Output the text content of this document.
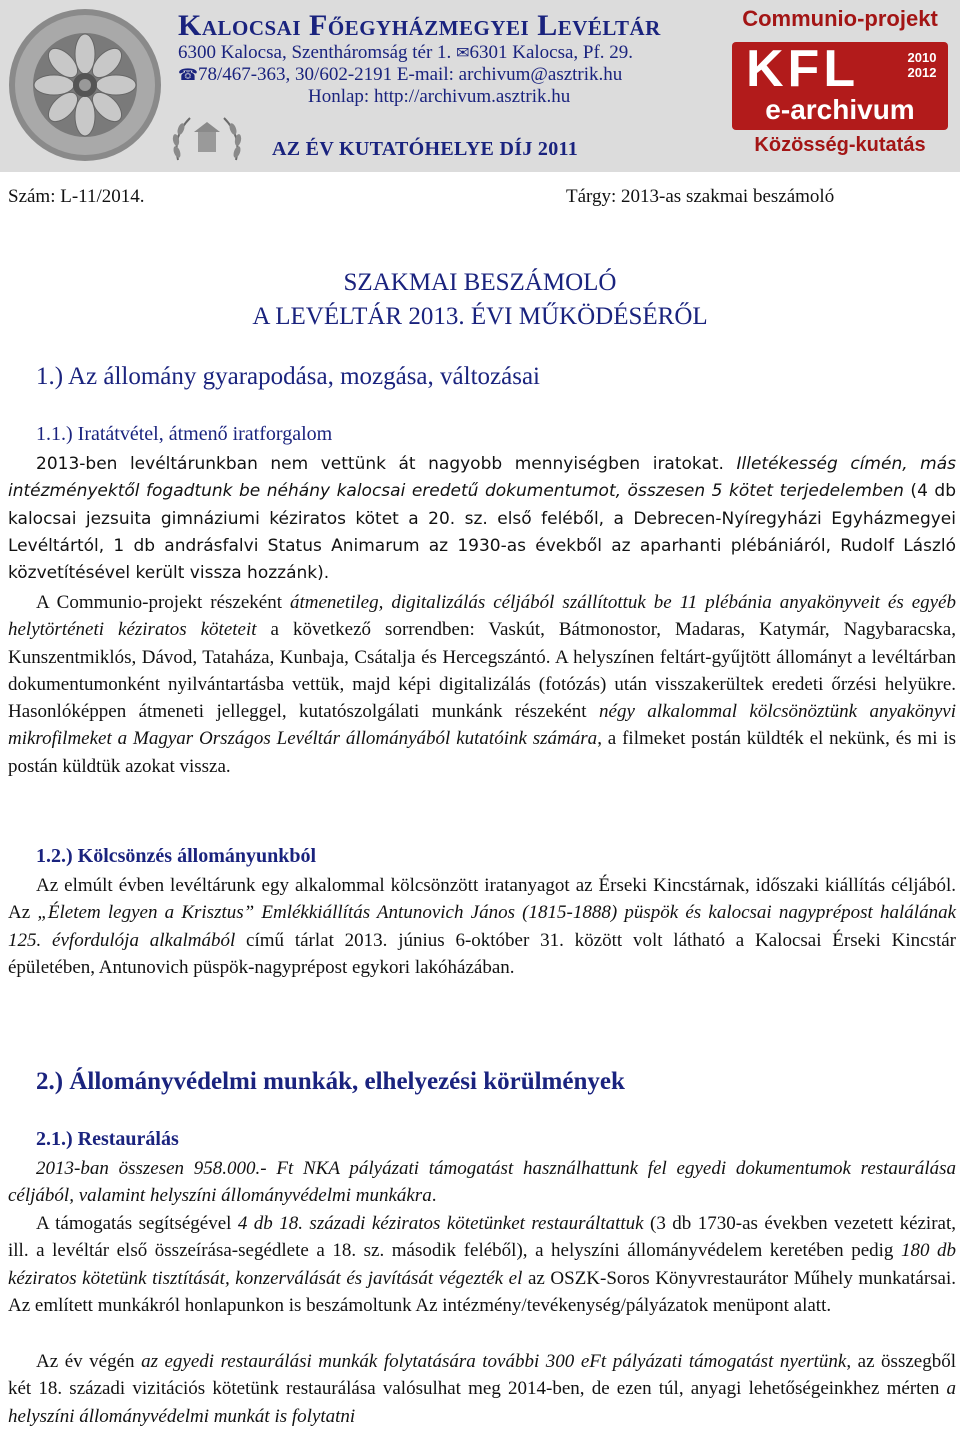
Kalocsai Főegyházmegyei Levéltár
6300 Kalocsa, Szentháromság tér 1. ✉6301 Kalocsa, Pf. 29.
☎78/467-363, 30/602-2191 E-mail: archivum@asztrik.hu
Honlap: http://archivum.asztrik.hu
AZ ÉV KUTATÓHELYE DÍJ 2011
Communio-projekt
KFL	2010
2012
e-archivum
Közösség-kutatás
Szám: L-11/2014.	Tárgy: 2013-as szakmai beszámoló
SZAKMAI BESZÁMOLÓ
A LEVÉLTÁR 2013. ÉVI MŰKÖDÉSÉRŐL
1.) Az állomány gyarapodása, mozgása, változásai
1.1.) Iratátvétel, átmenő iratforgalom
2013-ben levéltárunkban nem vettünk át nagyobb mennyiségben iratokat. Illetékesség címén, más intézményektől fogadtunk be néhány kalocsai eredetű dokumentumot, összesen 5 kötet terjedelemben (4 db kalocsai jezsuita gimnáziumi kéziratos kötet a 20. sz. első feléből, a Debrecen-Nyíregyházi Egyházmegyei Levéltártól, 1 db andrásfalvi Status Animarum az 1930-as évekből az aparhanti plébániáról, Rudolf László közvetítésével került vissza hozzánk).
A Communio-projekt részeként átmenetileg, digitalizálás céljából szállítottuk be 11 plébánia anyakönyveit és egyéb helytörténeti kéziratos köteteit a következő sorrendben: Vaskút, Bátmonostor, Madaras, Katymár, Nagybaracska, Kunszentmiklós, Dávod, Tataháza, Kunbaja, Csátalja és Hercegszántó. A helyszínen feltárt-gyűjtött állományt a levéltárban dokumentumonként nyilvántartásba vettük, majd képi digitalizálás (fotózás) után visszakerültek eredeti őrzési helyükre. Hasonlóképpen átmeneti jelleggel, kutatószolgálati munkánk részeként négy alkalommal kölcsönöztünk anyakönyvi mikrofilmeket a Magyar Országos Levéltár állományából kutatóink számára, a filmeket postán küldték el nekünk, és mi is postán küldtük azokat vissza.
1.2.) Kölcsönzés állományunkból
Az elmúlt évben levéltárunk egy alkalommal kölcsönzött iratanyagot az Érseki Kincstárnak, időszaki kiállítás céljából. Az „Életem legyen a Krisztus” Emlékkiállítás Antunovich János (1815-1888) püspök és kalocsai nagyprépost halálának 125. évfordulója alkalmából című tárlat 2013. június 6-október 31. között volt látható a Kalocsai Érseki Kincstár épületében, Antunovich püspök-nagyprépost egykori lakóházában.
2.) Állományvédelmi munkák, elhelyezési körülmények
2.1.) Restaurálás
2013-ban összesen 958.000.- Ft NKA pályázati támogatást használhattunk fel egyedi dokumentumok restaurálása céljából, valamint helyszíni állományvédelmi munkákra.
A támogatás segítségével 4 db 18. századi kéziratos kötetünket restauráltattuk (3 db 1730-as években vezetett kézirat, ill. a levéltár első összeírása-segédlete a 18. sz. második feléből), a helyszíni állományvédelem keretében pedig 180 db kéziratos kötetünk tisztítását, konzerválását és javítását végezték el az OSZK-Soros Könyvrestaurátor Műhely munkatársai. Az említett munkákról honlapunkon is beszámoltunk Az intézmény/tevékenység/pályázatok menüpont alatt.
Az év végén az egyedi restaurálási munkák folytatására további 300 eFt pályázati támogatást nyertünk, az összegből két 18. századi vizitációs kötetünk restaurálása valósulhat meg 2014-ben, de ezen túl, anyagi lehetőségeinkhez mérten a helyszíni állományvédelmi munkát is folytatni
